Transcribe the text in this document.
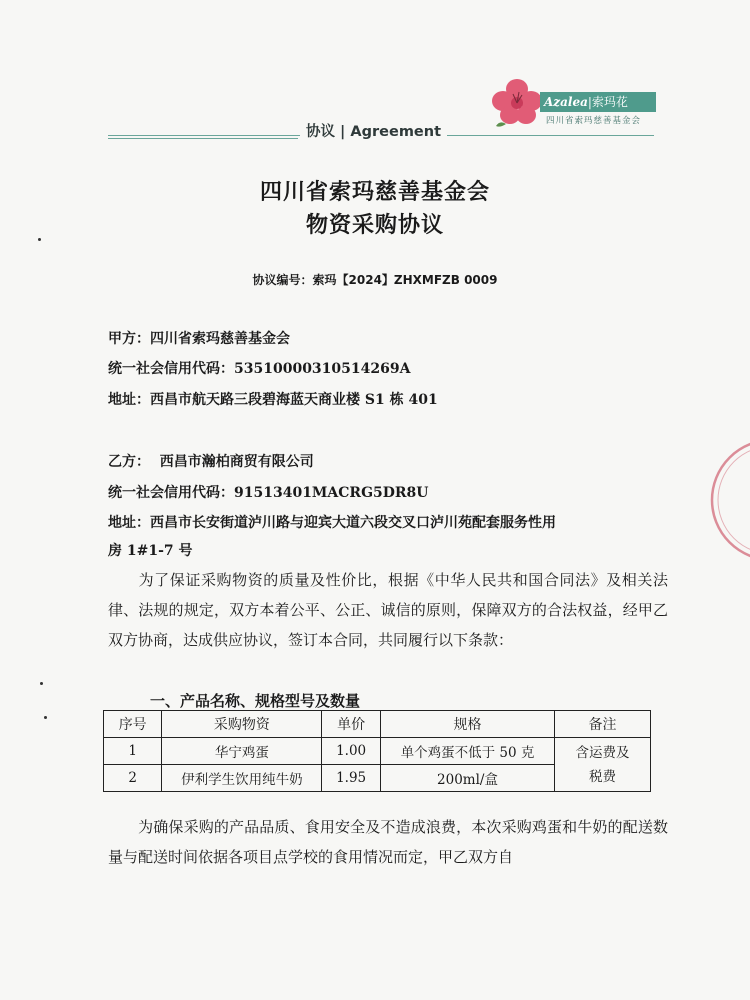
Azalea|索玛花
四川省索玛慈善基金会
协议 | Agreement
四川省索玛慈善基金会
物资采购协议
协议编号：索玛【2024】ZHXMFZB 0009
甲方：四川省索玛慈善基金会
统一社会信用代码：53510000310514269A
地址：西昌市航天路三段碧海蓝天商业楼 S1 栋 401
乙方：  西昌市瀚柏商贸有限公司
统一社会信用代码：91513401MACRG5DR8U
地址：西昌市长安街道泸川路与迎宾大道六段交叉口泸川苑配套服务性用
房 1#1-7 号
为了保证采购物资的质量及性价比，根据《中华人民共和国合同法》及相关法律、法规的规定，双方本着公平、公正、诚信的原则，保障双方的合法权益，经甲乙双方协商，达成供应协议，签订本合同，共同履行以下条款：
一、产品名称、规格型号及数量
序号	采购物资	单价	规格	备注
1	华宁鸡蛋	1.00	单个鸡蛋不低于 50 克	含运费及
税费
2	伊利学生饮用纯牛奶	1.95	200ml/盒	
为确保采购的产品品质、食用安全及不造成浪费，本次采购鸡蛋和牛奶的配送数量与配送时间依据各项目点学校的食用情况而定，甲乙双方自
